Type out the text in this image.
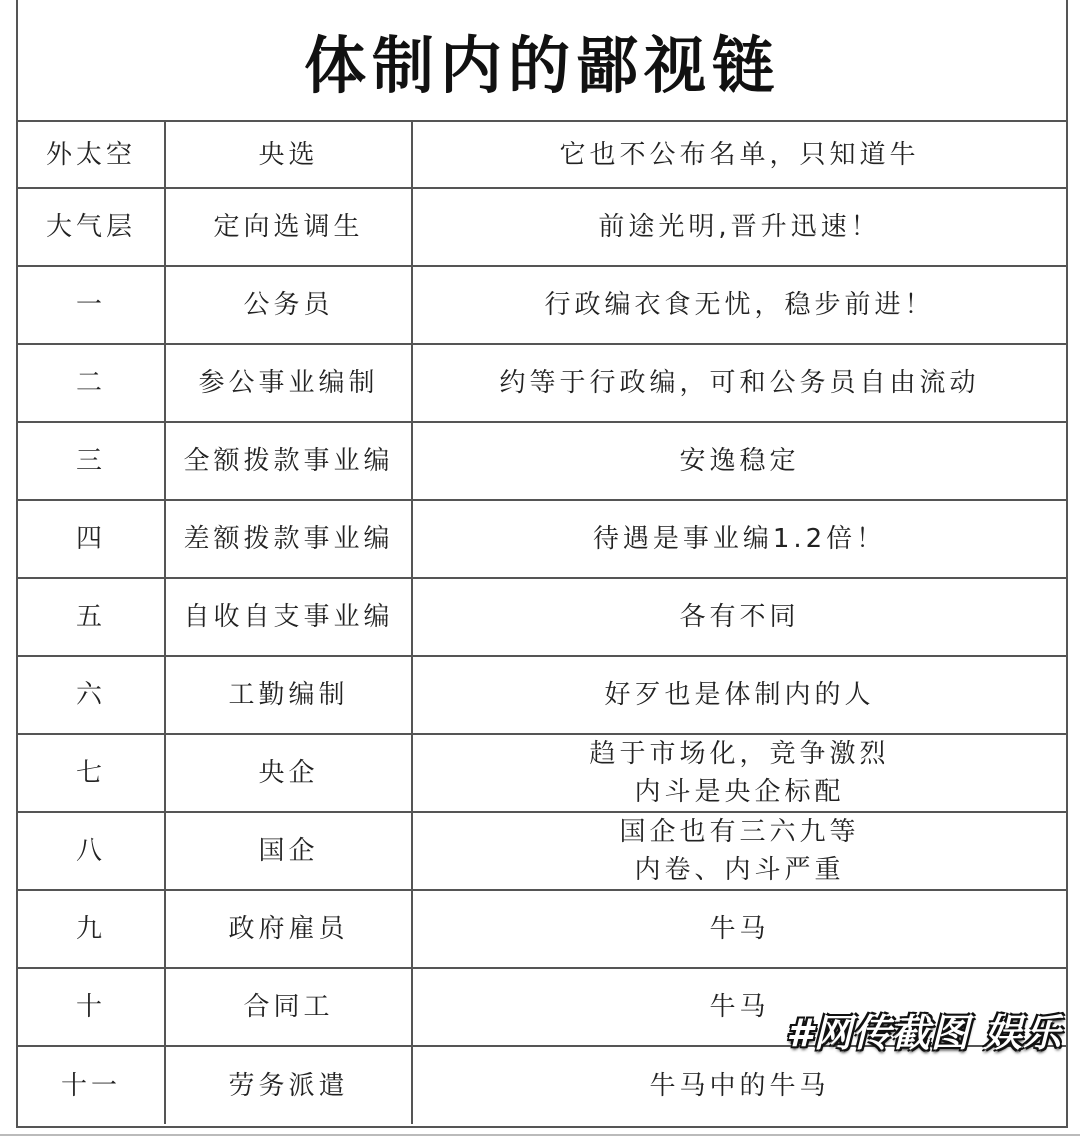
体制内的鄙视链
外太空	央选	它也不公布名单，只知道牛

大气层	定向选调生	前途光明,晋升迅速！

一	公务员	行政编衣食无忧，稳步前进！

二	参公事业编制	约等于行政编，可和公务员自由流动

三	全额拨款事业编	安逸稳定

四	差额拨款事业编	待遇是事业编1.2倍！

五	自收自支事业编	各有不同

六	工勤编制	好歹也是体制内的人

七	央企	趋于市场化，竞争激烈
内斗是央企标配

八	国企	国企也有三六九等
内卷、内斗严重

九	政府雇员	牛马

十	合同工	牛马

十一	劳务派遣	牛马中的牛马
#网传截图 娱乐
